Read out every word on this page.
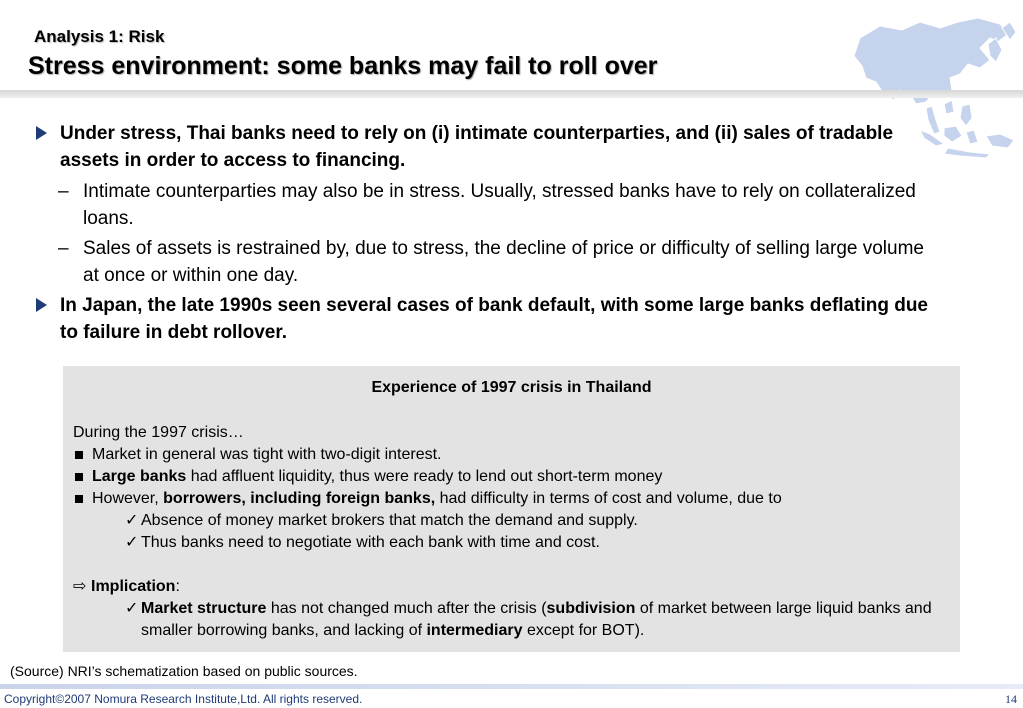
Analysis 1: Risk
Stress environment: some banks may fail to roll over
Under stress, Thai banks need to rely on (i) intimate counterparties, and (ii) sales of tradable assets in order to access to financing.
– Intimate counterparties may also be in stress. Usually, stressed banks have to rely on collateralized loans.
– Sales of assets is restrained by, due to stress, the decline of price or difficulty of selling large volume at once or within one day.
In Japan, the late 1990s seen several cases of bank default, with some large banks deflating due to failure in debt rollover.
Experience of 1997 crisis in Thailand
During the 1997 crisis…
Market in general was tight with two-digit interest.
Large banks had affluent liquidity, thus were ready to lend out short-term money
However, borrowers, including foreign banks, had difficulty in terms of cost and volume, due to
✓ Absence of money market brokers that match the demand and supply.
✓ Thus banks need to negotiate with each bank with time and cost.
⇨ Implication:
✓ Market structure has not changed much after the crisis (subdivision of market between large liquid banks and smaller borrowing banks, and lacking of intermediary except for BOT).
(Source) NRI’s schematization based on public sources.
Copyright©2007 Nomura Research Institute,Ltd. All rights reserved.	14
